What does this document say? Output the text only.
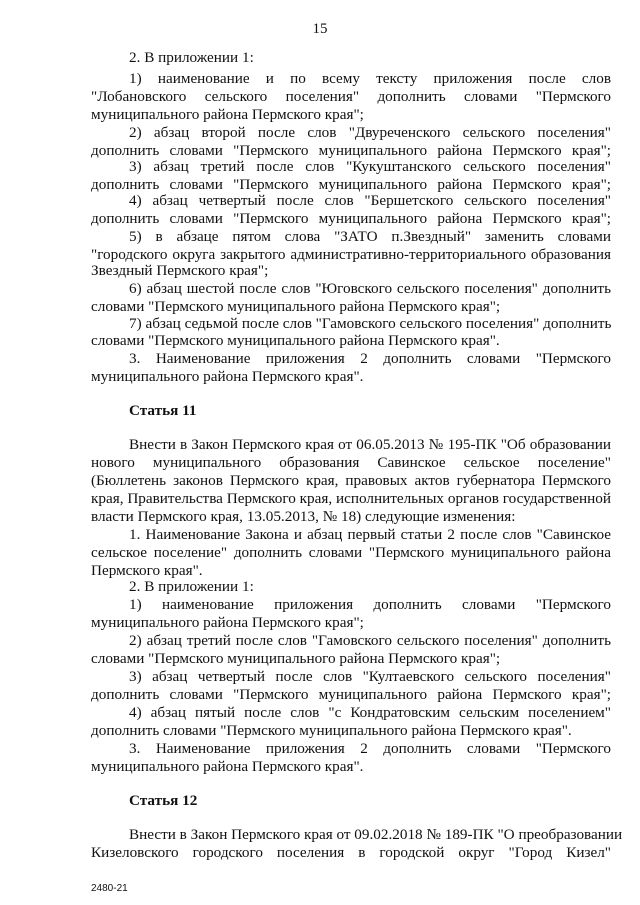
15
2. В приложении 1:
1) наименование и по всему тексту приложения после слов
"Лобановского сельского поселения" дополнить словами "Пермского
муниципального района Пермского края";
2) абзац второй после слов "Двуреченского сельского поселения"
дополнить словами "Пермского муниципального района Пермского края";
3) абзац третий после слов "Кукуштанского сельского поселения"
дополнить словами "Пермского муниципального района Пермского края";
4) абзац четвертый после слов "Бершетского сельского поселения"
дополнить словами "Пермского муниципального района Пермского края";
5) в абзаце пятом слова "ЗАТО п.Звездный" заменить словами
"городского округа закрытого административно-территориального образования
Звездный Пермского края";
6) абзац шестой после слов "Юговского сельского поселения" дополнить
словами "Пермского муниципального района Пермского края";
7) абзац седьмой после слов "Гамовского сельского поселения" дополнить
словами "Пермского муниципального района Пермского края".
3. Наименование приложения 2 дополнить словами "Пермского
муниципального района Пермского края".
Статья 11
Внести в Закон Пермского края от 06.05.2013 № 195-ПК "Об образовании
нового муниципального образования Савинское сельское поселение"
(Бюллетень законов Пермского края, правовых актов губернатора Пермского
края, Правительства Пермского края, исполнительных органов государственной
власти Пермского края, 13.05.2013, № 18) следующие изменения:
1. Наименование Закона и абзац первый статьи 2 после слов "Савинское
сельское поселение" дополнить словами "Пермского муниципального района
Пермского края".
2. В приложении 1:
1) наименование приложения дополнить словами "Пермского
муниципального района Пермского края";
2) абзац третий после слов "Гамовского сельского поселения" дополнить
словами "Пермского муниципального района Пермского края";
3) абзац четвертый после слов "Култаевского сельского поселения"
дополнить словами "Пермского муниципального района Пермского края";
4) абзац пятый после слов "с Кондратовским сельским поселением"
дополнить словами "Пермского муниципального района Пермского края".
3. Наименование приложения 2 дополнить словами "Пермского
муниципального района Пермского края".
Статья 12
Внести в Закон Пермского края от 09.02.2018 № 189-ПК "О преобразовании
Кизеловского городского поселения в городской округ "Город Кизел"
2480-21
